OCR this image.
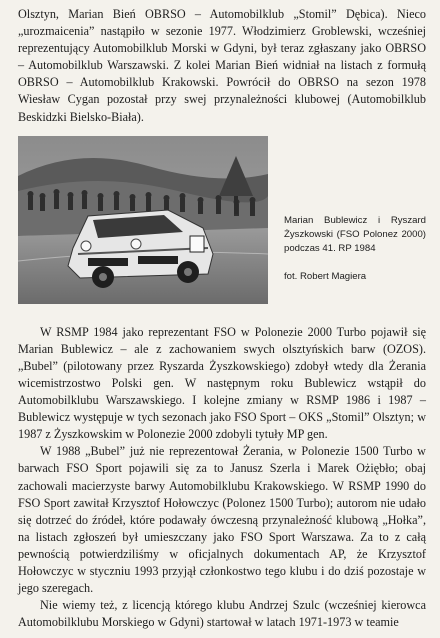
Olsztyn, Marian Bień OBRSO – Automobilklub „Stomil” Dębica). Nieco „urozmaicenia” nastąpiło w sezonie 1977. Włodzimierz Groblewski, wcześniej reprezentujący Automobilklub Morski w Gdyni, był teraz zgłaszany jako OBRSO – Automobilklub Warszawski. Z kolei Marian Bień widniał na listach z formułą OBRSO – Automobilklub Krakowski. Powrócił do OBRSO na sezon 1978 Wiesław Cygan pozostał przy swej przynależności klubowej (Automobilklub Beskidzki Bielsko-Biała).

Marian Bublewicz i Ryszard Żyszkowski (FSO Polonez 2000) podczas 41. RP 1984

fot. Robert Magiera

W RSMP 1984 jako reprezentant FSO w Polonezie 2000 Turbo pojawił się Marian Bublewicz – ale z zachowaniem swych olsztyńskich barw (OZOS). „Bubel” (pilotowany przez Ryszarda Żyszkowskiego) zdobył wtedy dla Żerania wicemistrzostwo Polski gen. W następnym roku Bublewicz wstąpił do Automobilklubu Warszawskiego. I kolejne zmiany w RSMP 1986 i 1987 – Bublewicz występuje w tych sezonach jako FSO Sport – OKS „Stomil” Olsztyn; w 1987 z Żyszkowskim w Polonezie 2000 zdobyli tytuły MP gen.

W 1988 „Bubel” już nie reprezentował Żerania, w Polonezie 1500 Turbo w barwach FSO Sport pojawili się za to Janusz Szerla i Marek Ożiębło; obaj zachowali macierzyste barwy Automobilklubu Krakowskiego. W RSMP 1990 do FSO Sport zawitał Krzysztof Hołowczyc (Polonez 1500 Turbo); autorom nie udało się dotrzeć do źródeł, które podawały ówczesną przynależność klubową „Hołka”, na listach zgłoszeń był umieszczany jako FSO Sport Warszawa. Za to z całą pewnością potwierdziliśmy w oficjalnych dokumentach AP, że Krzysztof Hołowczyc w styczniu 1993 przyjął członkostwo tego klubu i do dziś pozostaje w jego szeregach.

Nie wiemy też, z licencją którego klubu Andrzej Szulc (wcześniej kierowca Automobilklubu Morskiego w Gdyni) startował w latach 1971-1973 w teamie
